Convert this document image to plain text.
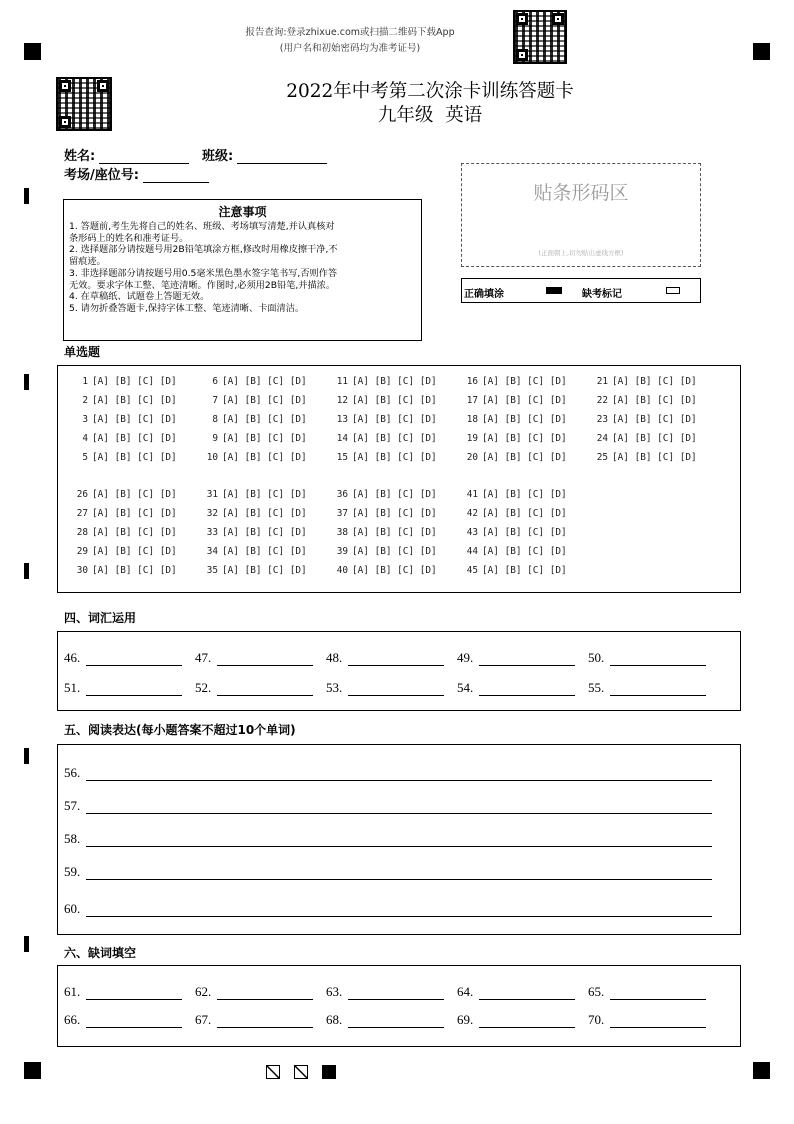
报告查询:登录zhixue.com或扫描二维码下载App
(用户名和初始密码均为准考证号)
2022年中考第二次涂卡训练答题卡
九年级  英语
姓名:	班级:
考场/座位号:
贴条形码区
(正面朝上,切勿贴出虚线方框)
正确填涂	缺考标记
注意事项
1. 答题前,考生先将自己的姓名、班级、考场填写清楚,并认真核对
条形码上的姓名和准考证号。
2. 选择题部分请按题号用2B铅笔填涂方框,修改时用橡皮擦干净,不
留痕迹。
3. 非选择题部分请按题号用0.5毫米黑色墨水签字笔书写,否则作答
无效。要求字体工整、笔迹清晰。作图时,必须用2B铅笔,并描浓。
4. 在草稿纸、试题卷上答题无效。
5. 请勿折叠答题卡,保持字体工整、笔迹清晰、卡面清洁。
单选题
1 [A] [B] [C] [D]	6 [A] [B] [C] [D]	11 [A] [B] [C] [D]	16 [A] [B] [C] [D]	21 [A] [B] [C] [D]
2 [A] [B] [C] [D]	7 [A] [B] [C] [D]	12 [A] [B] [C] [D]	17 [A] [B] [C] [D]	22 [A] [B] [C] [D]
3 [A] [B] [C] [D]	8 [A] [B] [C] [D]	13 [A] [B] [C] [D]	18 [A] [B] [C] [D]	23 [A] [B] [C] [D]
4 [A] [B] [C] [D]	9 [A] [B] [C] [D]	14 [A] [B] [C] [D]	19 [A] [B] [C] [D]	24 [A] [B] [C] [D]
5 [A] [B] [C] [D]	10 [A] [B] [C] [D]	15 [A] [B] [C] [D]	20 [A] [B] [C] [D]	25 [A] [B] [C] [D]
26 [A] [B] [C] [D]	31 [A] [B] [C] [D]	36 [A] [B] [C] [D]	41 [A] [B] [C] [D]
27 [A] [B] [C] [D]	32 [A] [B] [C] [D]	37 [A] [B] [C] [D]	42 [A] [B] [C] [D]
28 [A] [B] [C] [D]	33 [A] [B] [C] [D]	38 [A] [B] [C] [D]	43 [A] [B] [C] [D]
29 [A] [B] [C] [D]	34 [A] [B] [C] [D]	39 [A] [B] [C] [D]	44 [A] [B] [C] [D]
30 [A] [B] [C] [D]	35 [A] [B] [C] [D]	40 [A] [B] [C] [D]	45 [A] [B] [C] [D]
四、词汇运用
46.	47.	48.	49.	50.
51.	52.	53.	54.	55.
五、阅读表达(每小题答案不超过10个单词)
56.
57.
58.
59.
60.
六、缺词填空
61.	62.	63.	64.	65.
66.	67.	68.	69.	70.
